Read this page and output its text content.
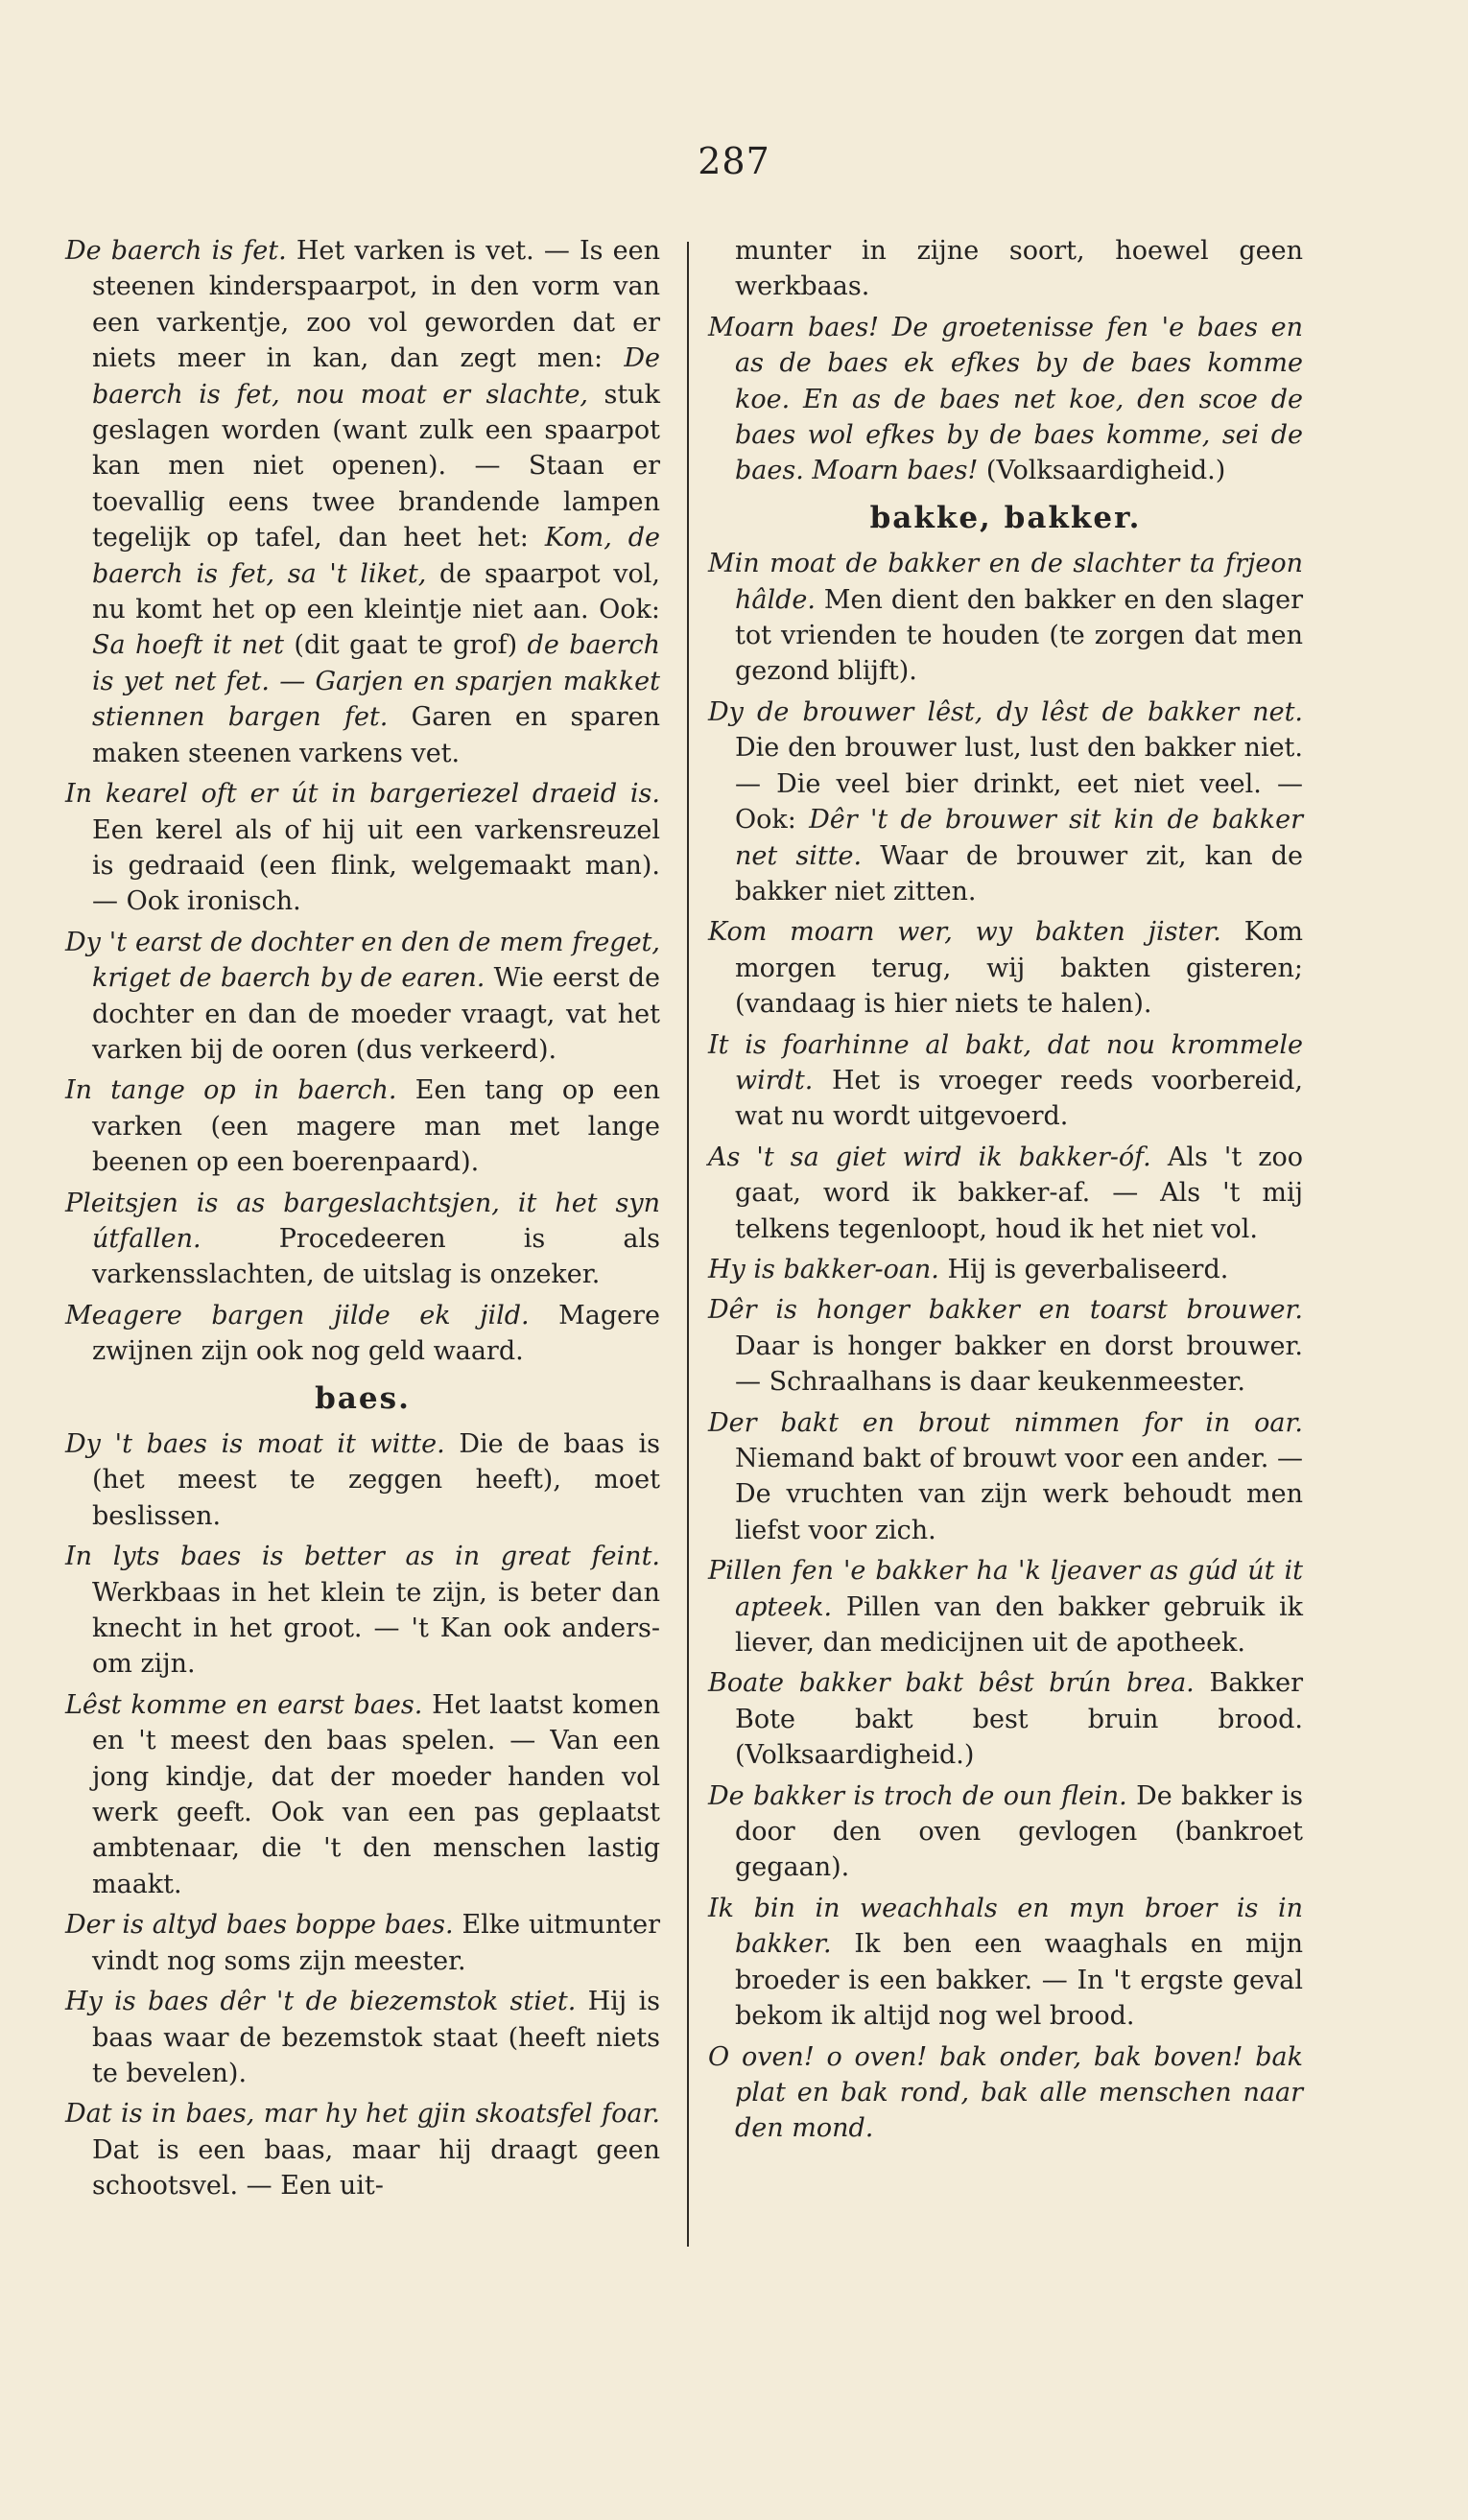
287

De baerch is fet. Het varken is vet. — Is een steenen kinderspaarpot, in den vorm van een varkentje, zoo vol geworden dat er niets meer in kan, dan zegt men: De baerch is fet, nou moat er slachte, stuk geslagen worden (want zulk een spaarpot kan men niet openen). — Staan er toevallig eens twee brandende lampen tegelijk op tafel, dan heet het: Kom, de baerch is fet, sa 't liket, de spaarpot vol, nu komt het op een kleintje niet aan. Ook: Sa hoeft it net (dit gaat te grof) de baerch is yet net fet. — Garjen en sparjen makket stiennen bargen fet. Garen en sparen maken steenen varkens vet.

In kearel oft er út in bargeriezel draeid is. Een kerel als of hij uit een varkensreuzel is gedraaid (een flink, welgemaakt man). — Ook ironisch.

Dy 't earst de dochter en den de mem freget, kriget de baerch by de earen. Wie eerst de dochter en dan de moeder vraagt, vat het varken bij de ooren (dus verkeerd).

In tange op in baerch. Een tang op een varken (een magere man met lange beenen op een boerenpaard).

Pleitsjen is as bargeslachtsjen, it het syn útfallen. Procedeeren is als varkensslachten, de uitslag is onzeker.

Meagere bargen jilde ek jild. Magere zwijnen zijn ook nog geld waard.

baes.

Dy 't baes is moat it witte. Die de baas is (het meest te zeggen heeft), moet beslissen.

In lyts baes is better as in great feint. Werkbaas in het klein te zijn, is beter dan knecht in het groot. — 't Kan ook anders-om zijn.

Lêst komme en earst baes. Het laatst komen en 't meest den baas spelen. — Van een jong kindje, dat der moeder handen vol werk geeft. Ook van een pas geplaatst ambtenaar, die 't den menschen lastig maakt.

Der is altyd baes boppe baes. Elke uitmunter vindt nog soms zijn meester.

Hy is baes dêr 't de biezemstok stiet. Hij is baas waar de bezemstok staat (heeft niets te bevelen).

Dat is in baes, mar hy het gjin skoatsfel foar. Dat is een baas, maar hij draagt geen schootsvel. — Een uit-

munter in zijne soort, hoewel geen werkbaas.

Moarn baes! De groetenisse fen 'e baes en as de baes ek efkes by de baes komme koe. En as de baes net koe, den scoe de baes wol efkes by de baes komme, sei de baes. Moarn baes! (Volksaardigheid.)

bakke, bakker.

Min moat de bakker en de slachter ta frjeon hâlde. Men dient den bakker en den slager tot vrienden te houden (te zorgen dat men gezond blijft).

Dy de brouwer lêst, dy lêst de bakker net. Die den brouwer lust, lust den bakker niet. — Die veel bier drinkt, eet niet veel. — Ook: Dêr 't de brouwer sit kin de bakker net sitte. Waar de brouwer zit, kan de bakker niet zitten.

Kom moarn wer, wy bakten jister. Kom morgen terug, wij bakten gisteren; (vandaag is hier niets te halen).

It is foarhinne al bakt, dat nou krommele wirdt. Het is vroeger reeds voorbereid, wat nu wordt uitgevoerd.

As 't sa giet wird ik bakker-óf. Als 't zoo gaat, word ik bakker-af. — Als 't mij telkens tegenloopt, houd ik het niet vol.

Hy is bakker-oan. Hij is geverbaliseerd.

Dêr is honger bakker en toarst brouwer. Daar is honger bakker en dorst brouwer. — Schraalhans is daar keukenmeester.

Der bakt en brout nimmen for in oar. Niemand bakt of brouwt voor een ander. — De vruchten van zijn werk behoudt men liefst voor zich.

Pillen fen 'e bakker ha 'k ljeaver as gúd út it apteek. Pillen van den bakker gebruik ik liever, dan medicijnen uit de apotheek.

Boate bakker bakt bêst brún brea. Bakker Bote bakt best bruin brood. (Volksaardigheid.)

De bakker is troch de oun flein. De bakker is door den oven gevlogen (bankroet gegaan).

Ik bin in weachhals en myn broer is in bakker. Ik ben een waaghals en mijn broeder is een bakker. — In 't ergste geval bekom ik altijd nog wel brood.

O oven! o oven! bak onder, bak boven! bak plat en bak rond, bak alle menschen naar den mond.
